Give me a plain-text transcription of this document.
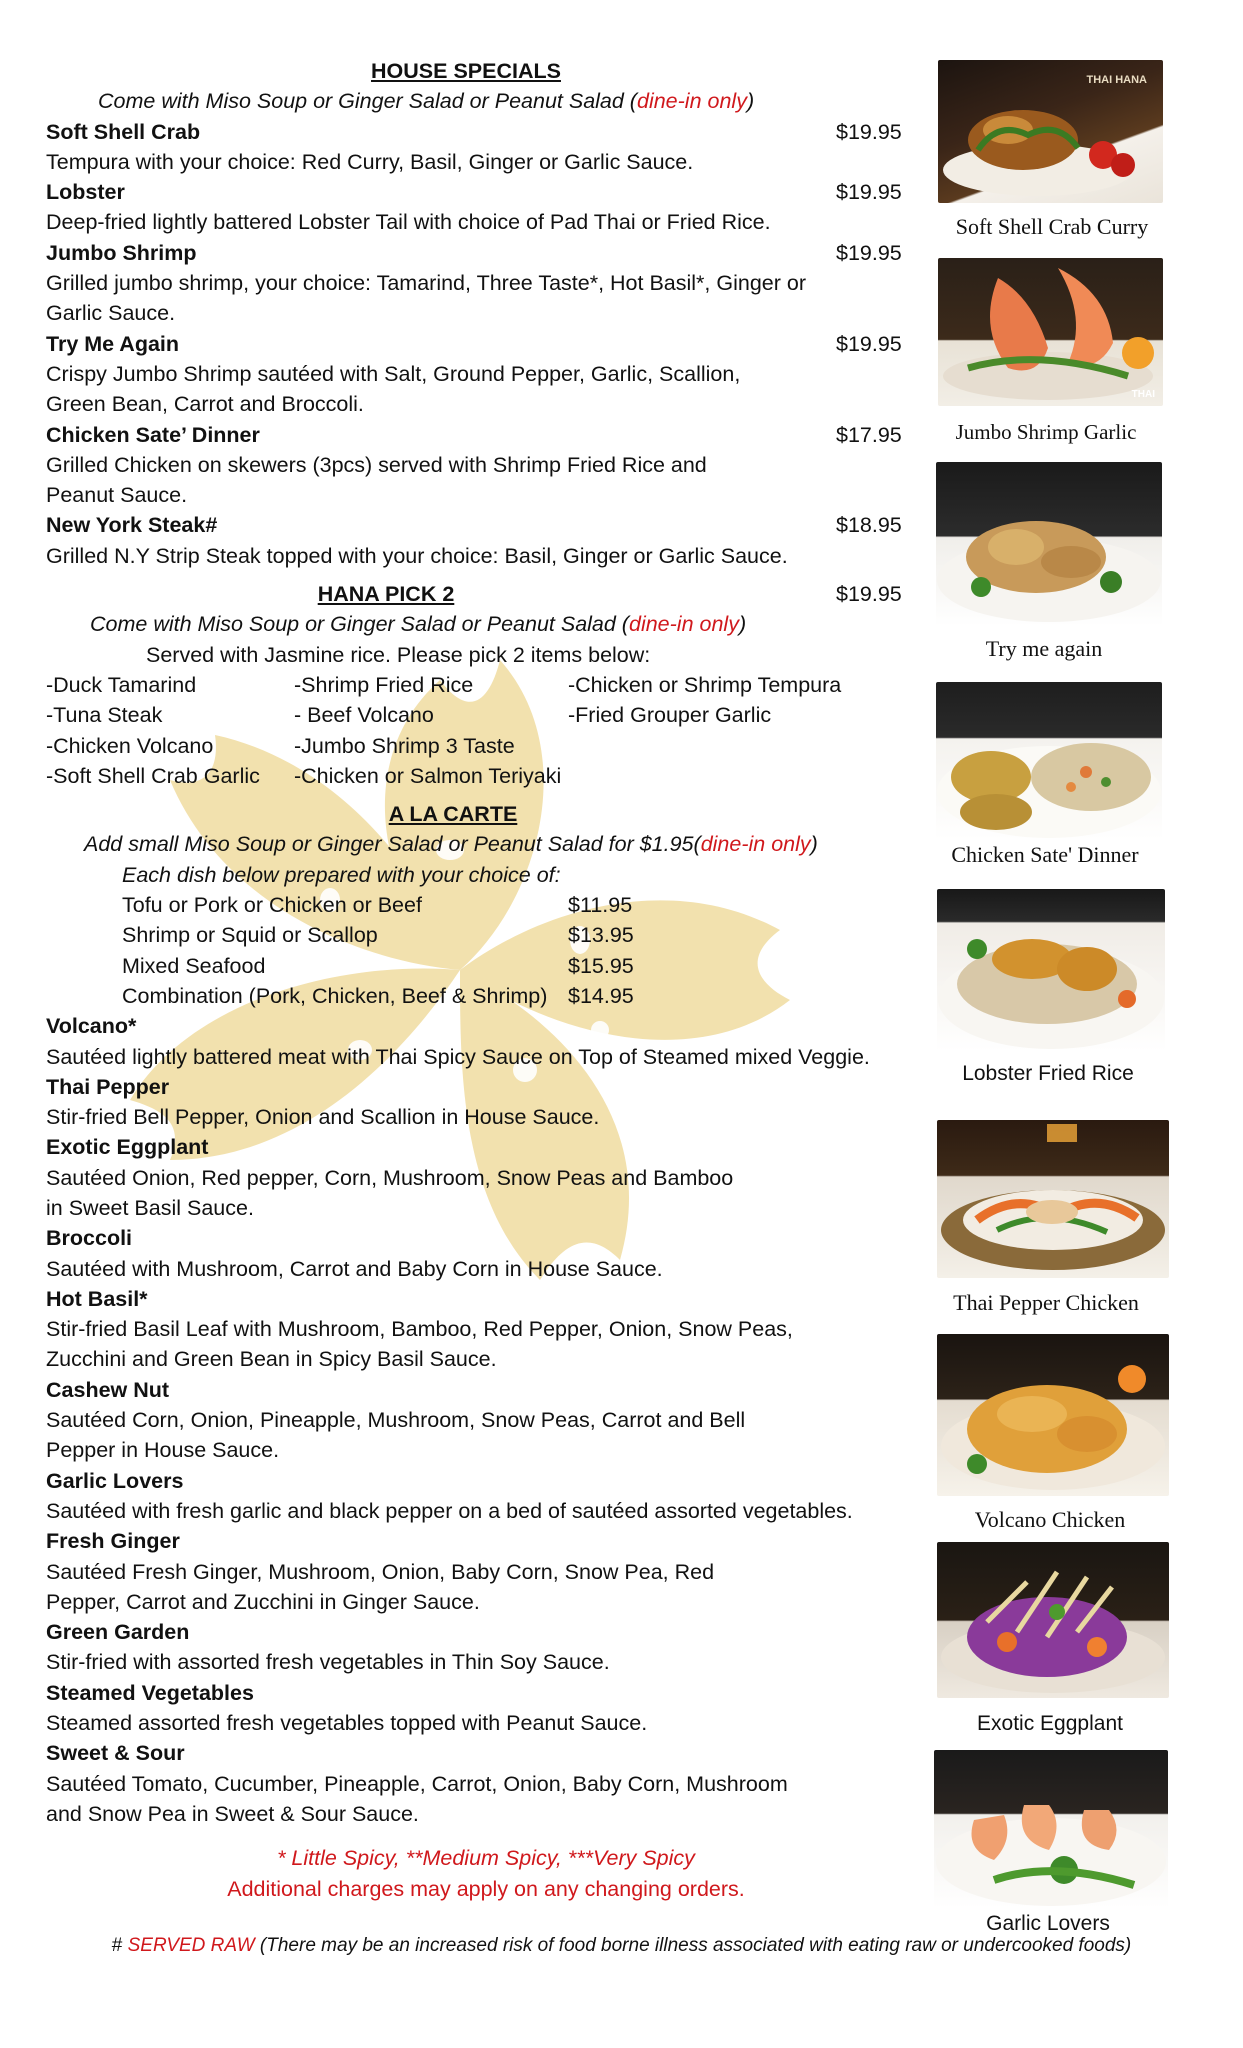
HOUSE SPECIALS
Come with Miso Soup or Ginger Salad or Peanut Salad (dine-in only)
Soft Shell Crab	$19.95
Tempura with your choice: Red Curry, Basil, Ginger or Garlic Sauce.
Lobster	$19.95
Deep-fried lightly battered Lobster Tail with choice of Pad Thai or Fried Rice.
Jumbo Shrimp	$19.95
Grilled jumbo shrimp, your choice: Tamarind, Three Taste*, Hot Basil*, Ginger or
Garlic Sauce.
Try Me Again	$19.95
Crispy Jumbo Shrimp sautéed with Salt, Ground Pepper, Garlic, Scallion,
Green Bean, Carrot and Broccoli.
Chicken Sate’ Dinner	$17.95
Grilled Chicken on skewers (3pcs) served with Shrimp Fried Rice and
Peanut Sauce.
New York Steak#	$18.95
Grilled N.Y Strip Steak topped with your choice: Basil, Ginger or Garlic Sauce.
HANA PICK 2	$19.95
Come with Miso Soup or Ginger Salad or Peanut Salad (dine-in only)
Served with Jasmine rice. Please pick 2 items below:
-Duck Tamarind	-Shrimp Fried Rice	-Chicken or Shrimp Tempura
-Tuna Steak	- Beef Volcano	-Fried Grouper Garlic
-Chicken Volcano	-Jumbo Shrimp 3 Taste
-Soft Shell Crab Garlic	-Chicken or Salmon Teriyaki
A LA CARTE
Add small Miso Soup or Ginger Salad or Peanut Salad for $1.95(dine-in only)
Each dish below prepared with your choice of:
Tofu or Pork or Chicken or Beef	$11.95
Shrimp or Squid or Scallop	$13.95
Mixed Seafood	$15.95
Combination (Pork, Chicken, Beef & Shrimp) $14.95
Volcano*
Sautéed lightly battered meat with Thai Spicy Sauce on Top of Steamed mixed Veggie.
Thai Pepper
Stir-fried Bell Pepper, Onion and Scallion in House Sauce.
Exotic Eggplant
Sautéed Onion, Red pepper, Corn, Mushroom, Snow Peas and Bamboo
in Sweet Basil Sauce.
Broccoli
Sautéed with Mushroom, Carrot and Baby Corn in House Sauce.
Hot Basil*
Stir-fried Basil Leaf with Mushroom, Bamboo, Red Pepper, Onion, Snow Peas,
Zucchini and Green Bean in Spicy Basil Sauce.
Cashew Nut
Sautéed Corn, Onion, Pineapple, Mushroom, Snow Peas, Carrot and Bell
Pepper in House Sauce.
Garlic Lovers
Sautéed with fresh garlic and black pepper on a bed of sautéed assorted vegetables.
Fresh Ginger
Sautéed Fresh Ginger, Mushroom, Onion, Baby Corn, Snow Pea, Red
Pepper, Carrot and Zucchini in Ginger Sauce.
Green Garden
Stir-fried with assorted fresh vegetables in Thin Soy Sauce.
Steamed Vegetables
Steamed assorted fresh vegetables topped with Peanut Sauce.
Sweet & Sour
Sautéed Tomato, Cucumber, Pineapple, Carrot, Onion, Baby Corn, Mushroom
and Snow Pea in Sweet & Sour Sauce.
* Little Spicy, **Medium Spicy, ***Very Spicy
Additional charges may apply on any changing orders.
# SERVED RAW (There may be an increased risk of food borne illness associated with eating raw or undercooked foods)
THAI HANA
Soft Shell Crab Curry
THAI
Jumbo Shrimp Garlic
Try me again
Chicken Sate' Dinner
Lobster Fried Rice
Thai Pepper Chicken
Volcano Chicken
Exotic Eggplant
Garlic Lovers
